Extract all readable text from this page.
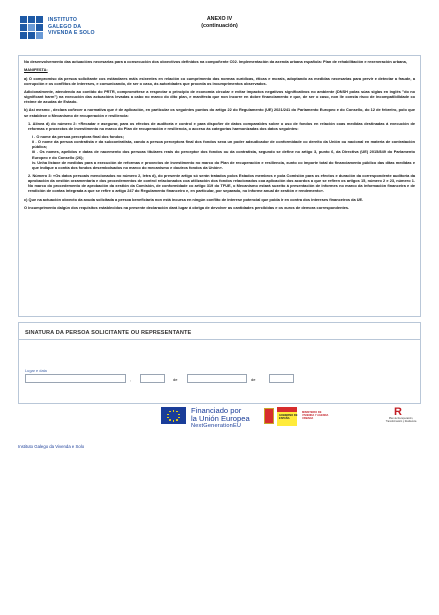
INSTITUTO
GALEGO DA
VIVENDA E SOLO
ANEXO IV
(continuación)
No desenvolvemento das actuacións necesarias para a consecución dos obxectivos definidos na compoñente C02. Implementación da axenda urbana española: Plan de rehabilitación e rexeneración urbana,
MANIFESTA:
a) O compromiso da persoa solicitante cos estándares máis esixentes en relación co cumprimento das normas xurídicas, éticas e morais, adoptando as medidas necesarias para previr e detectar a fraude, a corrupción e os conflitos de intereses, e comunicando, de ser o caso, ás autoridades que proceda os incumprimentos observados.
Adicionalmente, atendendo ao contido do PRTR, comprométese a respectar o principio de economía circular e evitar impactos negativos significativos no ambiente (DNSH polas súas siglas en inglés "do no significant harm") na execución das actuacións levadas a cabo no marco do dito plan, e manifesta que non incorre en dobre financiamento e que, de ser o caso, non lle consta risco de incompatibilidade co réxime de axudas de Estado.
b) Así mesmo , declara coñecer a normativa que é de aplicación, en particular os seguintes puntos do artigo 22 do Regulamento (UE) 2021/241 do Parlamento Europeo e do Consello, do 12 de febreiro, polo que se establece o Mecanismo de recuperación e resiliencia:
1. Alínea d) do número 2: «Recadar e asegurar, para os efectos de auditoría e control e para dispoñer de datos comparables sobre o uso de fondos en relación coas medidas destinadas á execución de reformas e proxectos de investimento no marco do Plan de recuperación e resiliencia, o acceso ás categorías harmonizadas dos datos seguintes:
i . O nome da persoa perceptora final dos fondos;
ii . O nome da persoa contratista e da subcontratista, cando a persoa perceptora final dos fondos sexa un poder adxudicador de conformidade co dereito da Unión ou nacional en materia de contratación pública;
iii . Os nomes, apelidos e datas de nacemento dos persoas titulares reais do perceptor dos fondos ou da contratista, segundo se define no artigo 3, punto 6, da Directiva (UE) 2015/849 do Parlamento Europeo e do Consello (26);
iv. Unha listaxe de medidas para a execución de reformas e proxectos de investimento no marco do Plan de recuperación e resiliencia, xunto co importe total do financiamento público das ditas medidas e que indique a contía dos fondos desembolsados no marco do mecanismo e doutros fondos da Unión».
2. Número 3: «Os datos persoais mencionados no número 2, letra d), do presente artigo só serán tratados polos Estados membros e pola Comisión para os efectos e duración da correspondente auditoría da aprobación da xestión orzamentaria e dos procedementos de control relacionados coa utilización dos fondos relacionados coa aplicación dos acordos a que se refiren os artigos 15, número 2 e 23, número 1. No marco do procedemento de aprobación da xestión da Comisión, de conformidade co artigo 319 do TFUE, o Mecanismo estará suxeito á presentación de informes no marco da información financeira e de rendición de contas integrada a que se refire o artigo 247 do Regulamento financeiro e, en particular, por separado, no informe anual de xestión e rendemento».
c) Que na actuación obxecto da axuda solicitada a persoa beneficiaria non está incursa en ningún conflito de interese potencial que poida ir en contra dos intereses financeiros da UE.
O incumprimento dalgún dos requisitos establecidos na presente declaración dará lugar á obriga de devolver as cantidades percibidas e os xuros de demora correspondentes.
SINATURA DA PERSOA SOLICITANTE OU REPRESENTANTE
Lugar e data
,	de	de
Financiado por
la Unión Europea
NextGenerationEU
GOBIERNO DE ESPAÑA
MINISTERIO DE VIVIENDA Y AGENDA URBANA
R
Plan de Recuperación, Transformación y Resiliencia
Instituto Galego da Vivenda e Solo
